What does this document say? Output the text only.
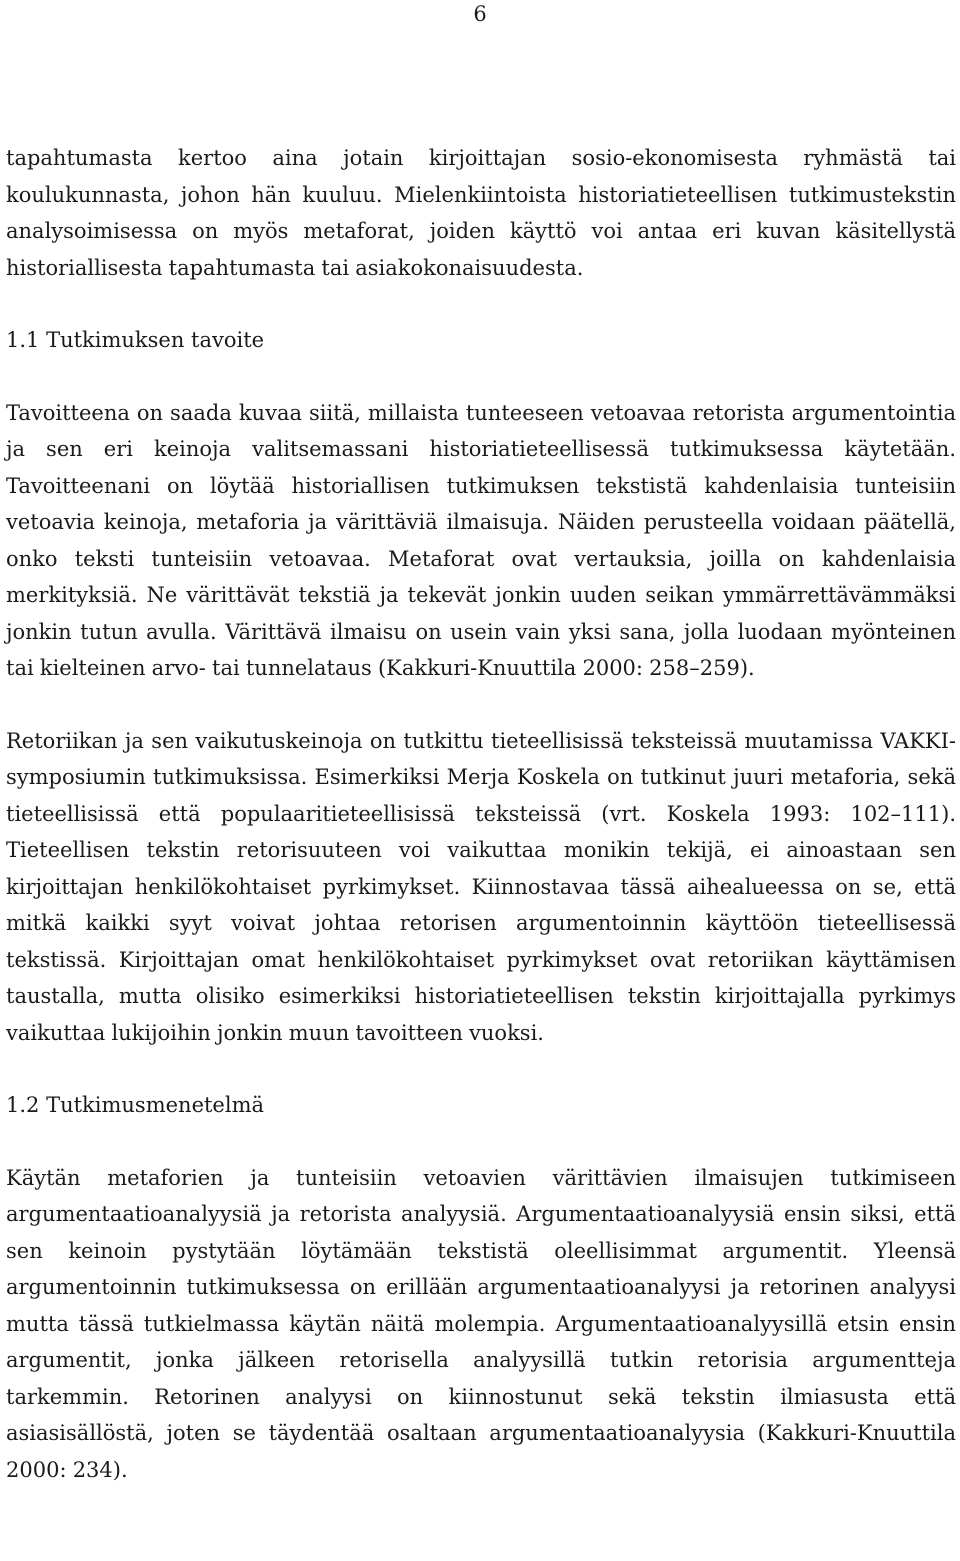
6

tapahtumasta kertoo aina jotain kirjoittajan sosio-ekonomisesta ryhmästä tai koulukunnasta, johon hän kuuluu. Mielenkiintoista historiatieteellisen tutkimustekstin analysoimisessa on myös metaforat, joiden käyttö voi antaa eri kuvan käsitellystä historiallisesta tapahtumasta tai asiakokonaisuudesta.

1.1 Tutkimuksen tavoite

Tavoitteena on saada kuvaa siitä, millaista tunteeseen vetoavaa retorista argumentointia ja sen eri keinoja valitsemassani historiatieteellisessä tutkimuksessa käytetään. Tavoitteenani on löytää historiallisen tutkimuksen tekstistä kahdenlaisia tunteisiin vetoavia keinoja, metaforia ja värittäviä ilmaisuja. Näiden perusteella voidaan päätellä, onko teksti tunteisiin vetoavaa. Metaforat ovat vertauksia, joilla on kahdenlaisia merkityksiä. Ne värittävät tekstiä ja tekevät jonkin uuden seikan ymmärrettävämmäksi jonkin tutun avulla. Värittävä ilmaisu on usein vain yksi sana, jolla luodaan myönteinen tai kielteinen arvo- tai tunnelataus (Kakkuri-Knuuttila 2000: 258–259).

Retoriikan ja sen vaikutuskeinoja on tutkittu tieteellisissä teksteissä muutamissa VAKKI-symposiumin tutkimuksissa. Esimerkiksi Merja Koskela on tutkinut juuri metaforia, sekä tieteellisissä että populaaritieteellisissä teksteissä (vrt. Koskela 1993: 102–111). Tieteellisen tekstin retorisuuteen voi vaikuttaa monikin tekijä, ei ainoastaan sen kirjoittajan henkilökohtaiset pyrkimykset. Kiinnostavaa tässä aihealueessa on se, että mitkä kaikki syyt voivat johtaa retorisen argumentoinnin käyttöön tieteellisessä tekstissä. Kirjoittajan omat henkilökohtaiset pyrkimykset ovat retoriikan käyttämisen taustalla, mutta olisiko esimerkiksi historiatieteellisen tekstin kirjoittajalla pyrkimys vaikuttaa lukijoihin jonkin muun tavoitteen vuoksi.

1.2 Tutkimusmenetelmä

Käytän metaforien ja tunteisiin vetoavien värittävien ilmaisujen tutkimiseen argumentaatioanalyysiä ja retorista analyysiä. Argumentaatioanalyysiä ensin siksi, että sen keinoin pystytään löytämään tekstistä oleellisimmat argumentit. Yleensä argumentoinnin tutkimuksessa on erillään argumentaatioanalyysi ja retorinen analyysi mutta tässä tutkielmassa käytän näitä molempia. Argumentaatioanalyysillä etsin ensin argumentit, jonka jälkeen retorisella analyysillä tutkin retorisia argumentteja tarkemmin. Retorinen analyysi on kiinnostunut sekä tekstin ilmiasusta että asiasisällöstä, joten se täydentää osaltaan argumentaatioanalyysia (Kakkuri-Knuuttila 2000: 234).
